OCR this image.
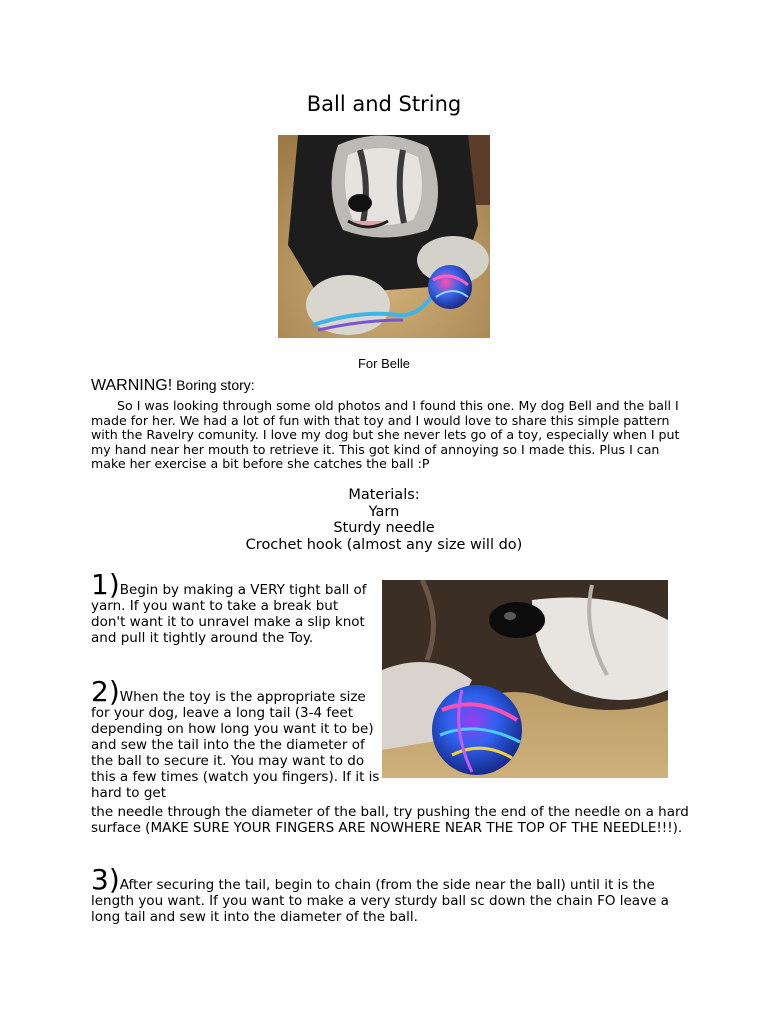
Ball and String
For Belle
WARNING! Boring story:
So I was looking through some old photos and I found this one. My dog Bell and the ball I made for her. We had a lot of fun with that toy and I would love to share this simple pattern with the Ravelry comunity. I love my dog but she never lets go of a toy, especially when I put my hand near her mouth to retrieve it. This got kind of annoying so I made this. Plus I can make her exercise a bit before she catches the ball :P
Materials:
Yarn
Sturdy needle
Crochet hook (almost any size will do)
1)Begin by making a VERY tight ball of yarn. If you want to take a break but don't want it to unravel make a slip knot and pull it tightly around the Toy.
2)When the toy is the appropriate size for your dog, leave a long tail (3-4 feet depending on how long you want it to be) and sew the tail into the the diameter of the ball to secure it. You may want to do this a few times (watch you fingers). If it is hard to get
the needle through the diameter of the ball, try pushing the end of the needle on a hard surface (MAKE SURE YOUR FINGERS ARE NOWHERE NEAR THE TOP OF THE NEEDLE!!!).
3)After securing the tail, begin to chain (from the side near the ball) until it is the length you want. If you want to make a very sturdy ball sc down the chain FO leave a long tail and sew it into the diameter of the ball.
